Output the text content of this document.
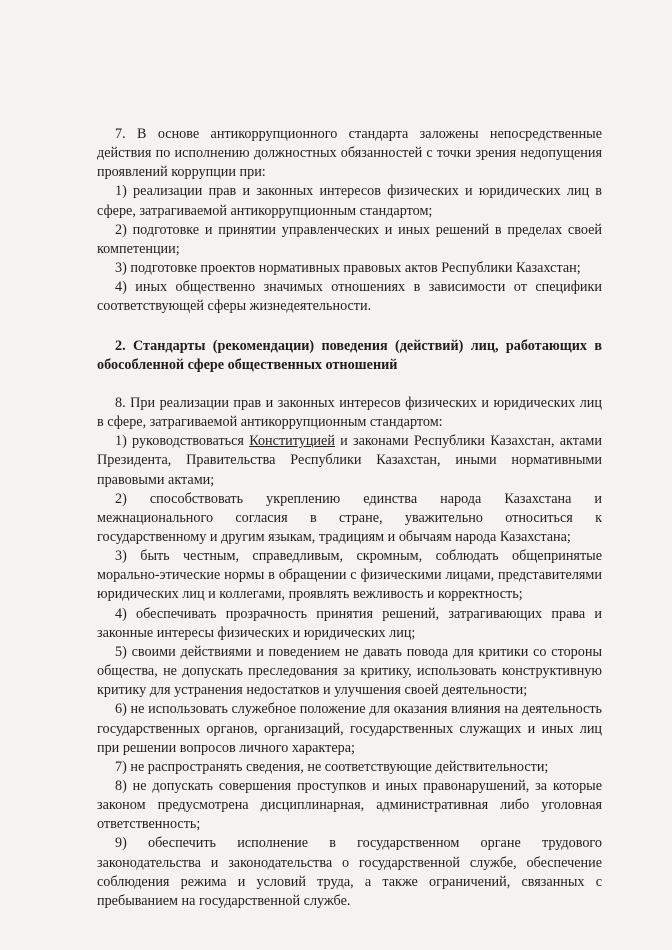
7. В основе антикоррупционного стандарта заложены непосредственные действия по исполнению должностных обязанностей с точки зрения недопущения проявлений коррупции при:

1) реализации прав и законных интересов физических и юридических лиц в сфере, затрагиваемой антикоррупционным стандартом;

2) подготовке и принятии управленческих и иных решений в пределах своей компетенции;

3) подготовке проектов нормативных правовых актов Республики Казахстан;

4) иных общественно значимых отношениях в зависимости от специфики соответствующей сферы жизнедеятельности.

2. Стандарты (рекомендации) поведения (действий) лиц, работающих в обособленной сфере общественных отношений

8. При реализации прав и законных интересов физических и юридических лиц в сфере, затрагиваемой антикоррупционным стандартом:

1) руководствоваться Конституцией и законами Республики Казахстан, актами Президента, Правительства Республики Казахстан, иными нормативными правовыми актами;

2) способствовать укреплению единства народа Казахстана и межнационального согласия в стране, уважительно относиться к государственному и другим языкам, традициям и обычаям народа Казахстана;

3) быть честным, справедливым, скромным, соблюдать общепринятые морально-этические нормы в обращении с физическими лицами, представителями юридических лиц и коллегами, проявлять вежливость и корректность;

4) обеспечивать прозрачность принятия решений, затрагивающих права и законные интересы физических и юридических лиц;

5) своими действиями и поведением не давать повода для критики со стороны общества, не допускать преследования за критику, использовать конструктивную критику для устранения недостатков и улучшения своей деятельности;

6) не использовать служебное положение для оказания влияния на деятельность государственных органов, организаций, государственных служащих и иных лиц при решении вопросов личного характера;

7) не распространять сведения, не соответствующие действительности;

8) не допускать совершения проступков и иных правонарушений, за которые законом предусмотрена дисциплинарная, административная либо уголовная ответственность;

9) обеспечить исполнение в государственном органе трудового законодательства и законодательства о государственной службе, обеспечение соблюдения режима и условий труда, а также ограничений, связанных с пребыванием на государственной службе.
